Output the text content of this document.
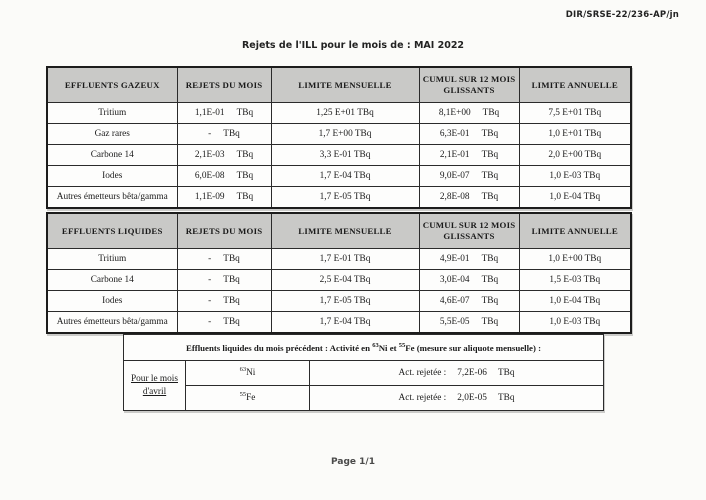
DIR/SRSE-22/236-AP/jn
Rejets de l'ILL pour le mois de : MAI 2022
EFFLUENTS GAZEUX	REJETS DU MOIS	LIMITE MENSUELLE	CUMUL SUR 12 MOIS GLISSANTS	LIMITE ANNUELLE
Tritium	1,1E-01 TBq	1,25 E+01 TBq	8,1E+00 TBq	7,5 E+01 TBq
Gaz rares	- TBq	1,7 E+00 TBq	6,3E-01 TBq	1,0 E+01 TBq
Carbone 14	2,1E-03 TBq	3,3 E-01 TBq	2,1E-01 TBq	2,0 E+00 TBq
Iodes	6,0E-08 TBq	1,7 E-04 TBq	9,0E-07 TBq	1,0 E-03 TBq
Autres émetteurs bêta/gamma	1,1E-09 TBq	1,7 E-05 TBq	2,8E-08 TBq	1,0 E-04 TBq
EFFLUENTS LIQUIDES	REJETS DU MOIS	LIMITE MENSUELLE	CUMUL SUR 12 MOIS GLISSANTS	LIMITE ANNUELLE
Tritium	- TBq	1,7 E-01 TBq	4,9E-01 TBq	1,0 E+00 TBq
Carbone 14	- TBq	2,5 E-04 TBq	3,0E-04 TBq	1,5 E-03 TBq
Iodes	- TBq	1,7 E-05 TBq	4,6E-07 TBq	1,0 E-04 TBq
Autres émetteurs bêta/gamma	- TBq	1,7 E-04 TBq	5,5E-05 TBq	1,0 E-03 TBq
Effluents liquides du mois précédent : Activité en $^{63}$Ni et $^{55}$Fe (mesure sur aliquote mensuelle) :		

Pour le mois
d'avril	$^{63}$Ni	Act. rejetée : 7,2E-06 TBq

	$^{55}$Fe	Act. rejetée : 2,0E-05 TBq
Page 1/1
